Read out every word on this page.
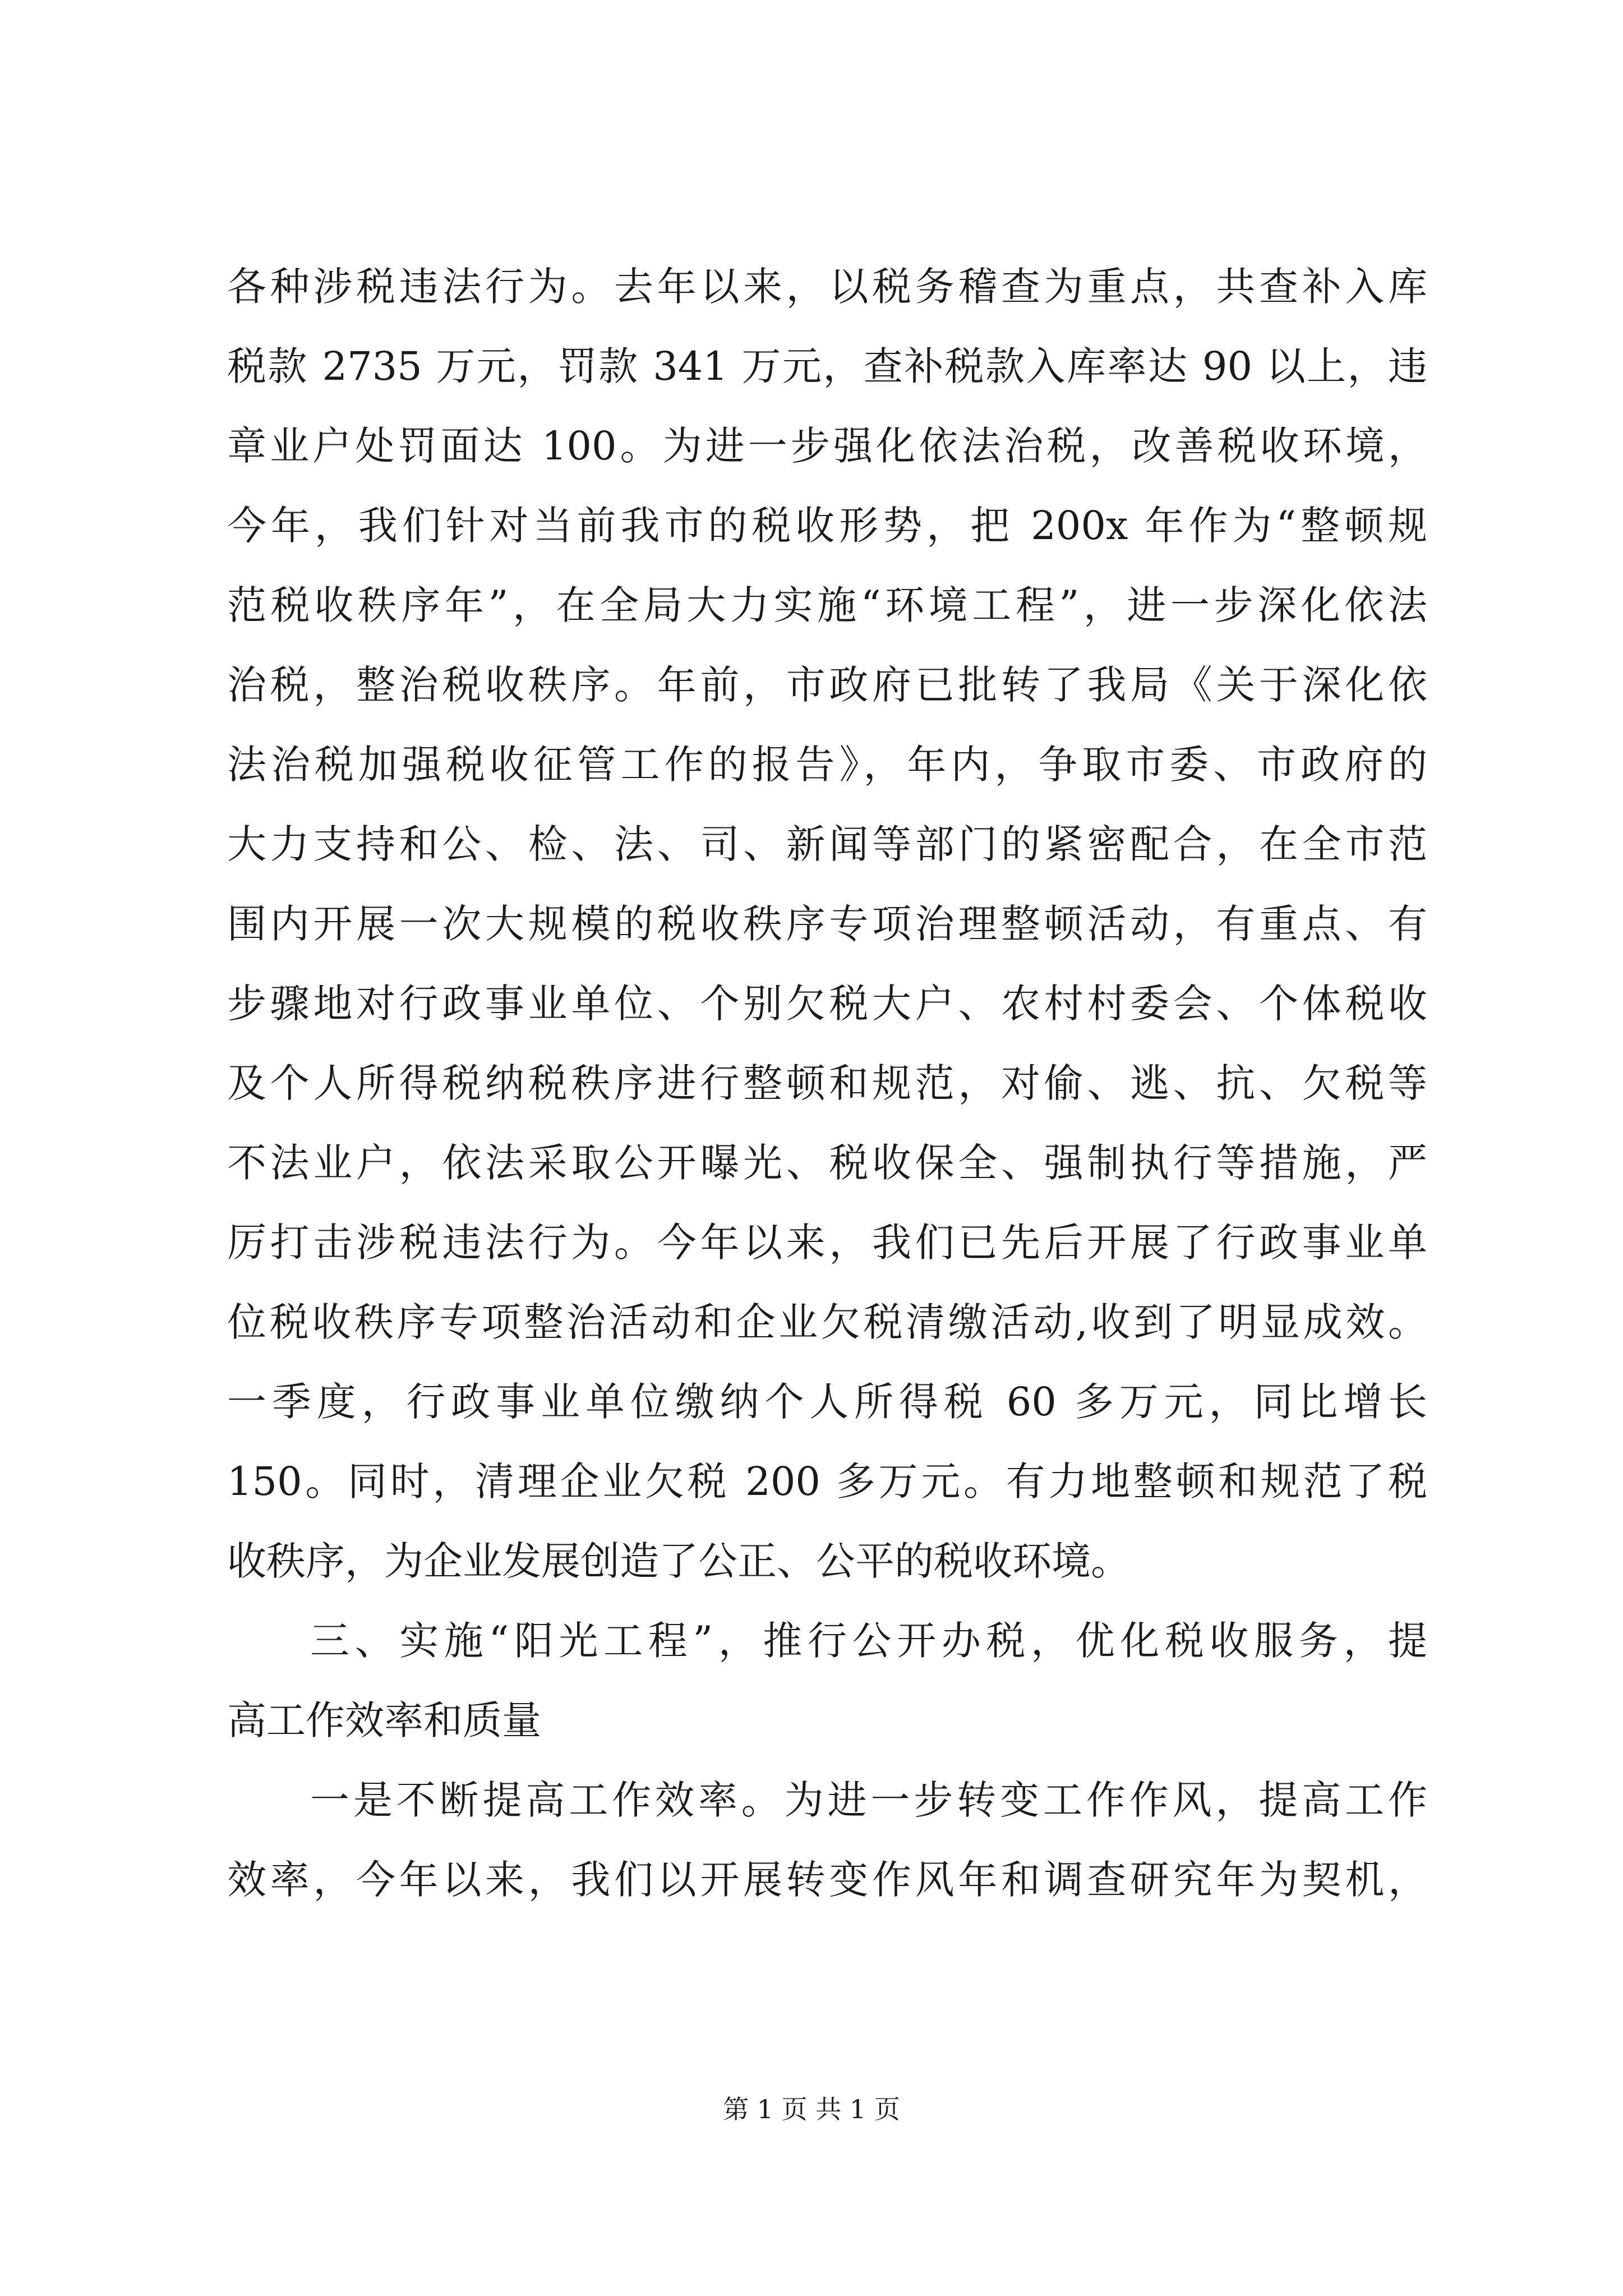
各种涉税违法行为。去年以来，以税务稽查为重点，共查补入库
税款 2735 万元，罚款 341 万元，查补税款入库率达 90 以上，违
章业户处罚面达 100。为进一步强化依法治税，改善税收环境，
今年，我们针对当前我市的税收形势，把 200x 年作为“整顿规
范税收秩序年”，在全局大力实施“环境工程”，进一步深化依法
治税，整治税收秩序。年前，市政府已批转了我局《关于深化依
法治税加强税收征管工作的报告》，年内，争取市委、市政府的
大力支持和公、检、法、司、新闻等部门的紧密配合，在全市范
围内开展一次大规模的税收秩序专项治理整顿活动，有重点、有
步骤地对行政事业单位、个别欠税大户、农村村委会、个体税收
及个人所得税纳税秩序进行整顿和规范，对偷、逃、抗、欠税等
不法业户，依法采取公开曝光、税收保全、强制执行等措施，严
厉打击涉税违法行为。今年以来，我们已先后开展了行政事业单
位税收秩序专项整治活动和企业欠税清缴活动,收到了明显成效。
一季度，行政事业单位缴纳个人所得税 60 多万元，同比增长
150。同时，清理企业欠税 200 多万元。有力地整顿和规范了税
收秩序，为企业发展创造了公正、公平的税收环境。
三、实施“阳光工程”，推行公开办税，优化税收服务，提
高工作效率和质量
一是不断提高工作效率。为进一步转变工作作风，提高工作
效率，今年以来，我们以开展转变作风年和调查研究年为契机，
第 1 页 共 1 页
